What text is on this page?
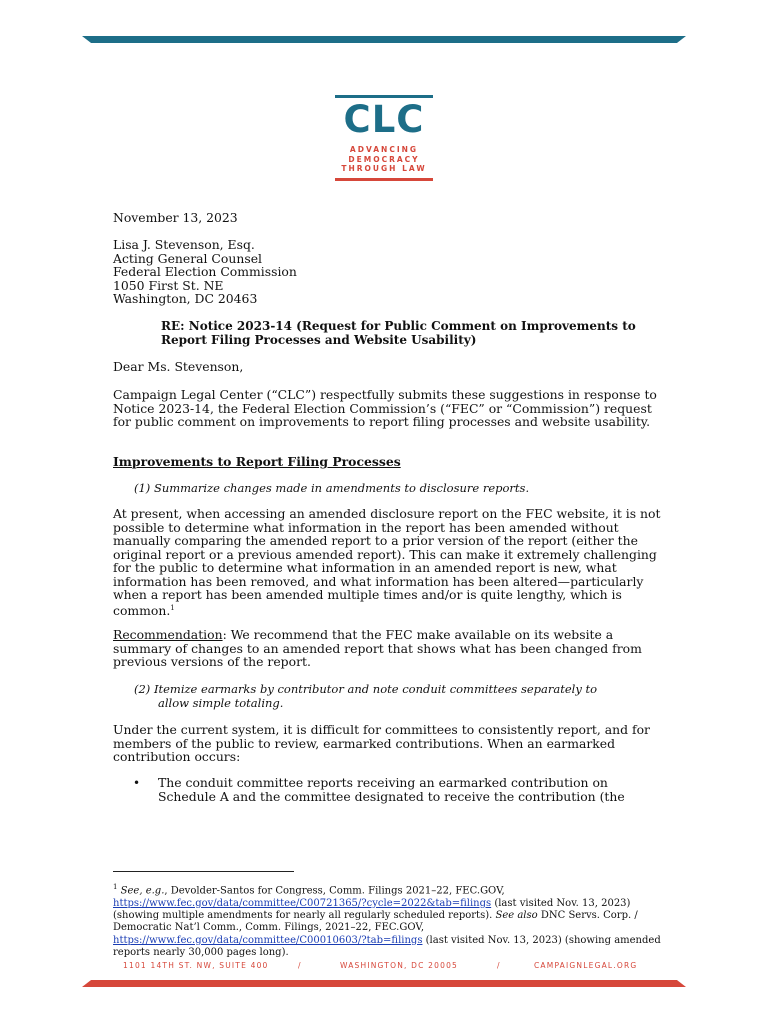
CLC
ADVANCING
DEMOCRACY
THROUGH LAW
November 13, 2023
Lisa J. Stevenson, Esq.
Acting General Counsel
Federal Election Commission
1050 First St. NE
Washington, DC 20463
RE: Notice 2023-14 (Request for Public Comment on Improvements to Report Filing Processes and Website Usability)
Dear Ms. Stevenson,
Campaign Legal Center (“CLC”) respectfully submits these suggestions in response to Notice 2023-14, the Federal Election Commission’s (“FEC” or “Commission”) request for public comment on improvements to report filing processes and website usability.
Improvements to Report Filing Processes
(1) Summarize changes made in amendments to disclosure reports.
At present, when accessing an amended disclosure report on the FEC website, it is not possible to determine what information in the report has been amended without manually comparing the amended report to a prior version of the report (either the original report or a previous amended report). This can make it extremely challenging for the public to determine what information in an amended report is new, what information has been removed, and what information has been altered—particularly when a report has been amended multiple times and/or is quite lengthy, which is common.$^1$
Recommendation: We recommend that the FEC make available on its website a summary of changes to an amended report that shows what has been changed from previous versions of the report.
(2) Itemize earmarks by contributor and note conduit committees separately to
allow simple totaling.
Under the current system, it is difficult for committees to consistently report, and for members of the public to review, earmarked contributions. When an earmarked contribution occurs:
• The conduit committee reports receiving an earmarked contribution on Schedule A and the committee designated to receive the contribution (the
$^1$ See, e.g., Devolder-Santos for Congress, Comm. Filings 2021–22, FEC.GOV, https://www.fec.gov/data/committee/C00721365/?cycle=2022&tab=filings (last visited Nov. 13, 2023) (showing multiple amendments for nearly all regularly scheduled reports). See also DNC Servs. Corp. / Democratic Nat’l Comm., Comm. Filings, 2021–22, FEC.GOV, https://www.fec.gov/data/committee/C00010603/?tab=filings (last visited Nov. 13, 2023) (showing amended reports nearly 30,000 pages long).
1101 14TH ST. NW, SUITE 400	/	WASHINGTON, DC 20005	/	CAMPAIGNLEGAL.ORG
